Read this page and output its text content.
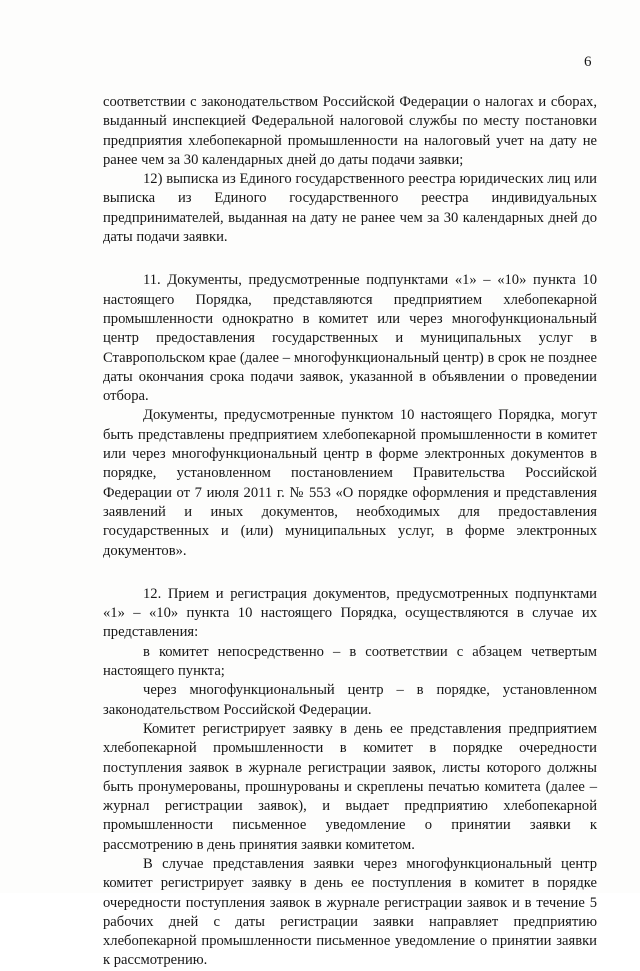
6

соответствии с законодательством Российской Федерации о налогах и сборах, выданный инспекцией Федеральной налоговой службы по месту постановки предприятия хлебопекарной промышленности на налоговый учет на дату не ранее чем за 30 календарных дней до даты подачи заявки;

12) выписка из Единого государственного реестра юридических лиц или выписка из Единого государственного реестра индивидуальных предпринимателей, выданная на дату не ранее чем за 30 календарных дней до даты подачи заявки.

11. Документы, предусмотренные подпунктами «1» – «10» пункта 10 настоящего Порядка, представляются предприятием хлебопекарной промышленности однократно в комитет или через многофункциональный центр предоставления государственных и муниципальных услуг в Ставропольском крае (далее – многофункциональный центр) в срок не позднее даты окончания срока подачи заявок, указанной в объявлении о проведении отбора.

Документы, предусмотренные пунктом 10 настоящего Порядка, могут быть представлены предприятием хлебопекарной промышленности в комитет или через многофункциональный центр в форме электронных документов в порядке, установленном постановлением Правительства Российской Федерации от 7 июля 2011 г. № 553 «О порядке оформления и представления заявлений и иных документов, необходимых для предоставления государственных и (или) муниципальных услуг, в форме электронных документов».

12. Прием и регистрация документов, предусмотренных подпунктами «1» – «10» пункта 10 настоящего Порядка, осуществляются в случае их представления:

в комитет непосредственно – в соответствии с абзацем четвертым настоящего пункта;

через многофункциональный центр – в порядке, установленном законодательством Российской Федерации.

Комитет регистрирует заявку в день ее представления предприятием хлебопекарной промышленности в комитет в порядке очередности поступления заявок в журнале регистрации заявок, листы которого должны быть пронумерованы, прошнурованы и скреплены печатью комитета (далее – журнал регистрации заявок), и выдает предприятию хлебопекарной промышленности письменное уведомление о принятии заявки к рассмотрению в день принятия заявки комитетом.

В случае представления заявки через многофункциональный центр комитет регистрирует заявку в день ее поступления в комитет в порядке очередности поступления заявок в журнале регистрации заявок и в течение 5 рабочих дней с даты регистрации заявки направляет предприятию хлебопекарной промышленности письменное уведомление о принятии заявки к рассмотрению.
